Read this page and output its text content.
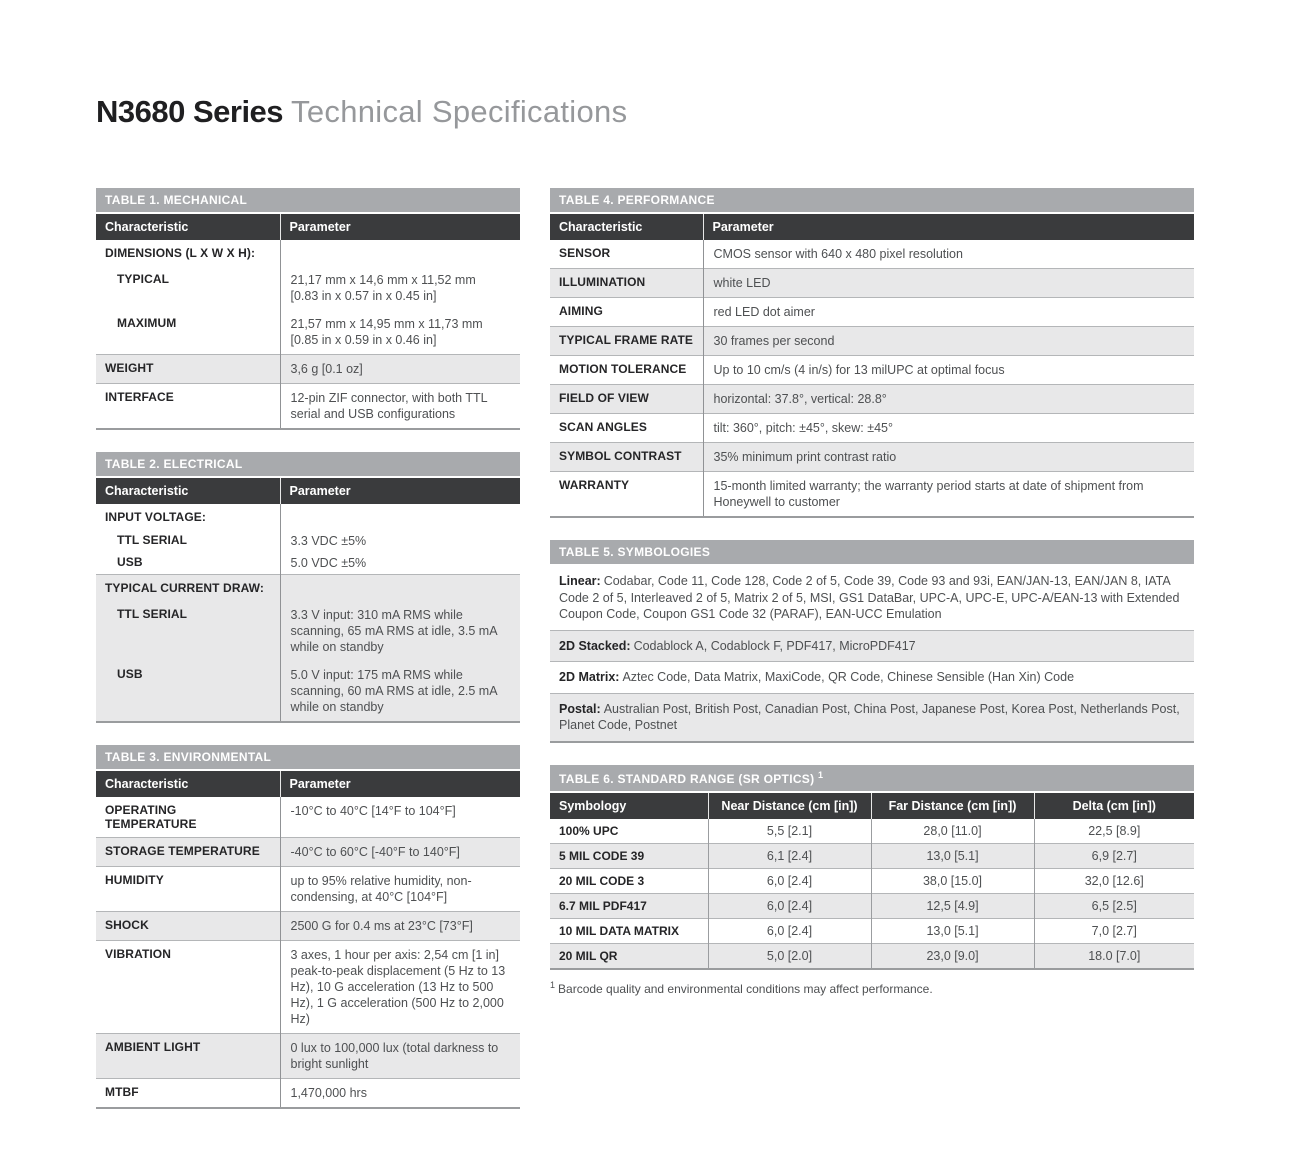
N3680 Series Technical Specifications
TABLE 1. MECHANICAL	
Characteristic	Parameter
DIMENSIONS (L X W X H):	
TYPICAL	21,17 mm x 14,6 mm x 11,52 mm
[0.83 in x 0.57 in x 0.45 in]
MAXIMUM	21,57 mm x 14,95 mm x 11,73 mm
[0.85 in x 0.59 in x 0.46 in]
WEIGHT	3,6 g [0.1 oz]
INTERFACE	12-pin ZIF connector, with both TTL serial and USB configurations
TABLE 2. ELECTRICAL	
Characteristic	Parameter
INPUT VOLTAGE:	
TTL SERIAL	3.3 VDC ±5%
USB	5.0 VDC ±5%
TYPICAL CURRENT DRAW:	
TTL SERIAL	3.3 V input: 310 mA RMS while scanning, 65 mA RMS at idle, 3.5 mA while on standby
USB	5.0 V input: 175 mA RMS while scanning, 60 mA RMS at idle, 2.5 mA while on standby
TABLE 3. ENVIRONMENTAL	
Characteristic	Parameter
OPERATING TEMPERATURE	-10°C to 40°C [14°F to 104°F]
STORAGE TEMPERATURE	-40°C to 60°C [-40°F to 140°F]
HUMIDITY	up to 95% relative humidity, non-condensing, at 40°C [104°F]
SHOCK	2500 G for 0.4 ms at 23°C [73°F]
VIBRATION	3 axes, 1 hour per axis: 2,54 cm [1 in] peak-to-peak displacement (5 Hz to 13 Hz), 10 G acceleration (13 Hz to 500 Hz), 1 G acceleration (500 Hz to 2,000 Hz)
AMBIENT LIGHT	0 lux to 100,000 lux (total darkness to bright sunlight
MTBF	1,470,000 hrs
TABLE 4. PERFORMANCE	
Characteristic	Parameter
SENSOR	CMOS sensor with 640 x 480 pixel resolution
ILLUMINATION	white LED
AIMING	red LED dot aimer
TYPICAL FRAME RATE	30 frames per second
MOTION TOLERANCE	Up to 10 cm/s (4 in/s) for 13 milUPC at optimal focus
FIELD OF VIEW	horizontal: 37.8°, vertical: 28.8°
SCAN ANGLES	tilt: 360°, pitch: ±45°, skew: ±45°
SYMBOL CONTRAST	35% minimum print contrast ratio
WARRANTY	15-month limited warranty; the warranty period starts at date of shipment from Honeywell to customer
TABLE 5. SYMBOLOGIES
Linear: Codabar, Code 11, Code 128, Code 2 of 5, Code 39, Code 93 and 93i, EAN/JAN-13, EAN/JAN 8, IATA Code 2 of 5, Interleaved 2 of 5, Matrix 2 of 5, MSI, GS1 DataBar, UPC-A, UPC-E, UPC-A/EAN-13 with Extended Coupon Code, Coupon GS1 Code 32 (PARAF), EAN-UCC Emulation
2D Stacked: Codablock A, Codablock F, PDF417, MicroPDF417
2D Matrix: Aztec Code, Data Matrix, MaxiCode, QR Code, Chinese Sensible (Han Xin) Code
Postal: Australian Post, British Post, Canadian Post, China Post, Japanese Post, Korea Post, Netherlands Post, Planet Code, Postnet
TABLE 6. STANDARD RANGE (SR OPTICS) $^1$
Symbology	Near Distance (cm [in])	Far Distance (cm [in])	Delta (cm [in])
100% UPC	5,5 [2.1]	28,0 [11.0]	22,5 [8.9]
5 MIL CODE 39	6,1 [2.4]	13,0 [5.1]	6,9 [2.7]
20 MIL CODE 3	6,0 [2.4]	38,0 [15.0]	32,0 [12.6]
6.7 MIL PDF417	6,0 [2.4]	12,5 [4.9]	6,5 [2.5]
10 MIL DATA MATRIX	6,0 [2.4]	13,0 [5.1]	7,0 [2.7]
20 MIL QR	5,0 [2.0]	23,0 [9.0]	18.0 [7.0]
$^1$ Barcode quality and environmental conditions may affect performance.
